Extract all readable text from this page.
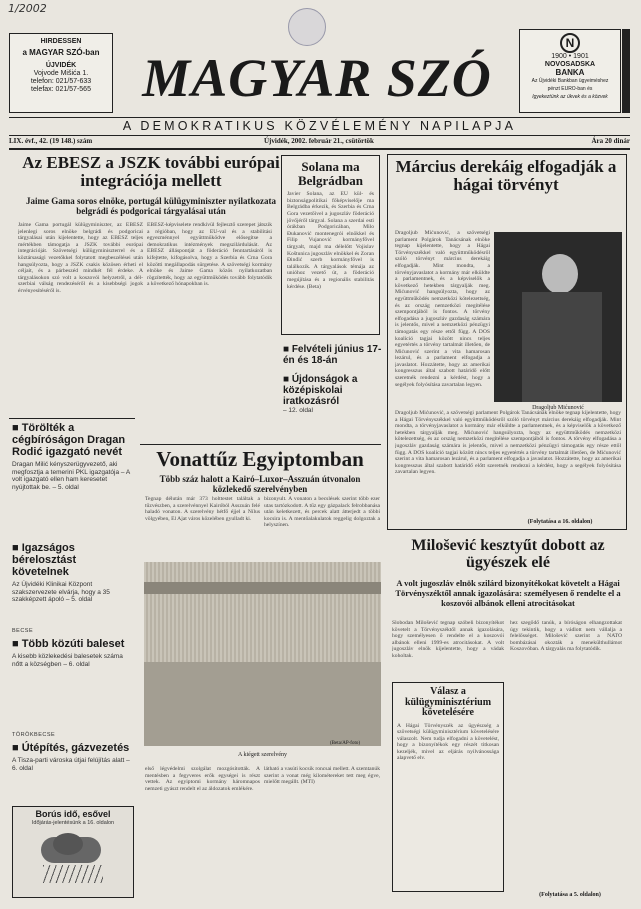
1/2002
HIRDESSEN
a MAGYAR SZÓ-ban
ÚJVIDÉK
Vojvode Mišića 1.
telefon: 021/57-633
telefax: 021/57-565 MAGYAR SZÓ
N
1900 • 1901
NOVOSADSKA
BANKA
Az Újvidéki Bankban ügyeiméshez
pénzt EURO-ban és
Igyekeztünk az ükvek és a közvek
A DEMOKRATIKUS KÖZVÉLEMÉNY NAPILAPJA
LIX. évf., 42. (19 148.) szám	Újvidék, 2002. február 21., csütörtök	Ára 20 dinár
Az EBESZ a JSZK további európai integrációja mellett
Jaime Gama soros elnöke, portugál külügyminiszter nyilatkozata belgrádi és podgoricai tárgyalásai után
Jaime Gama portugál külügyminiszter, az EBESZ jelenlegi soros elnöke belgrádi és podgoricai tárgyalásai után kijelentette, hogy az EBESZ teljes mértékben támogatja a JSZK további európai integrációját. Szövetségi külügyminiszterrel és a köztársasági vezetőkkel folytatott megbeszélései után hangsúlyozta, hogy a JSZK csakis közösen érheti el céljait, és a párbeszéd mindkét fél érdeke. A tárgyalásokon szó volt a koszovói helyzetről, a dél-szerbiai válság rendezéséről és a kisebbségi jogok érvényesítéséről is.
EBESZ-képviselete rendkívül fejlesztő szerepet játszik a régióban, hogy az EU-val és a stabilitási egyezménnyel együttműködve elősegítse a demokratikus intézmények megszilárdulását. Az EBESZ álláspontját a föderáció fenntartásáról is kifejtette, kifogásolva, hogy a Szerbia és Crna Gora közötti megállapodás sürgetése. A szövetségi kormány elnöke és Jaime Gama közös nyilatkozatban rögzítették, hogy az együttműködés tovább folytatódik a következő hónapokban is.
Solana ma Belgrádban
Javier Solana, az EU kül- és biztonságpolitikai főképviselője ma Belgrádba érkezik, és Szerbia és Crna Gora vezetőivel a jugoszláv föderáció jövőjéről tárgyal. Solana a szerdai esti órákban Podgoricában, Milo Đukanović montenegrói elnökkel és Filip Vujanović kormányfővel tárgyalt, majd ma délelőtt Vojislav Koštunica jugoszláv elnökkel és Zoran Đinđić szerb kormányfővel is találkozik. A tárgyalások témája az unióhoz vezető út, a föderáció megújítása és a regionális stabilitás kérdése. (Beta)
■ Felvételi június 17-én és 18-án
■ Újdonságok a középiskolai iratkozásról
– 12. oldal
Március derekáig elfogadják a hágai törvényt
Dragoljub Mićunović, a szövetségi parlament Polgárok Tanácsának elnöke tegnap kijelentette, hogy a Hágai Törvényszékkel való együttműködésről szóló törvényt március derekáig elfogadják. Mint mondta, a törvényjavaslatot a kormány már elküldte a parlamentnek, és a képviselők a következő hetekben tárgyalják meg. Mićunović hangsúlyozta, hogy az együttműködés nemzetközi kötelezettség, és az ország nemzetközi megítélése szempontjából is fontos. A törvény elfogadása a jugoszláv gazdaság számára is jelentős, mivel a nemzetközi pénzügyi támogatás egy része ettől függ. A DOS koalíció tagjai között nincs teljes egyetértés a törvény tartalmát illetően, de Mićunović szerint a vita hamarosan lezárul, és a parlament elfogadja a javaslatot. Hozzátette, hogy az amerikai kongresszus által szabott határidő előtt szeretnék rendezni a kérdést, hogy a segélyek folyósítása zavartalan legyen.
Dragoljub Mićunović
Dragoljub Mićunović, a szövetségi parlament Polgárok Tanácsának elnöke tegnap kijelentette, hogy a Hágai Törvényszékkel való együttműködésről szóló törvényt március derekáig elfogadják. Mint mondta, a törvényjavaslatot a kormány már elküldte a parlamentnek, és a képviselők a következő hetekben tárgyalják meg. Mićunović hangsúlyozta, hogy az együttműködés nemzetközi kötelezettség, és az ország nemzetközi megítélése szempontjából is fontos. A törvény elfogadása a jugoszláv gazdaság számára is jelentős, mivel a nemzetközi pénzügyi támogatás egy része ettől függ. A DOS koalíció tagjai között nincs teljes egyetértés a törvény tartalmát illetően, de Mićunović szerint a vita hamarosan lezárul, és a parlament elfogadja a javaslatot. Hozzátette, hogy az amerikai kongresszus által szabott határidő előtt szeretnék rendezni a kérdést, hogy a segélyek folyósítása zavartalan legyen.
(Folytatása a 16. oldalon)
■ Törölték a cégbíróságon Dragan Rodić igazgató nevét
Dragan Milić kényszerügyvezető, aki megfosztja a temerini PKL igazgatója – A volt igazgató ellen ham keresetet nyújtottak be. – 5. oldal
■ Igazságos bérelosztást követelnek
Az Újvidéki Klinikai Központ szakszervezete elvárja, hogy a 35 szakképzett ápoló – 5. oldal
BECSE
■ Több közúti baleset
A kisebb közlekedési balesetek száma nőtt a községben – 6. oldal
TÖRÖKBECSE
■ Útépítés, gázvezetés
A Tisza-parti városka útjai felújítás alatt – 6. oldal
Borús idő, esővel
Időjárás-jelentésünk a 16. oldalon
Vonattűz Egyiptomban
Több száz halott a Kairó–Luxor–Asszuán útvonalon közlekedő szerelvényben
Tegnap délután már 373 holttestet találtak a tűzvészben, a szerelvénnyel Kairóból Asszuán felé haladó vonaton. A szerelvény hétfő éjjel a Nílus völgyében, El Ajat város közelében gyulladt ki.
bizonyult. A vonaton a becslések szerint több ezer utas tartózkodott. A tűz egy gázpalack felrobbanása után keletkezett, és percek alatt átterjedt a többi kocsira is. A mentőalakulatok reggelig dolgoztak a helyszínen.
(Beta/AP-foto)
A kiégett szerelvény
első légvédelmi szolgálat mozgósították. A mentésben a fegyveres erők egységei is részt vettek. Az egyiptomi kormány háromnapos nemzeti gyászt rendelt el az áldozatok emlékére.
látható a vasúti kocsik roncsai mellett. A szemtanúk szerint a vonat még kilométereket tett meg égve, mielőtt megállt. (MTI)
Milošević kesztyűt dobott az ügyészek elé
A volt jugoszláv elnök szilárd bizonyítékokat követelt a Hágai Törvényszéktől annak igazolására: személyesen ő rendelte el a koszovói albánok elleni atrocitásokat
Slobodan Milošević tegnap szóbeli bizonyítékot követelt a Törvényszéktől annak igazolására, hogy személyesen ő rendelte el a koszovói albánok elleni 1999-es atrocitásokat. A volt jugoszláv elnök kijelentette, hogy a vádak koholtak.
hez szegődő tanúk, a bíróságon elhangzottakat úgy tekintik, hogy a vádlott nem vállalja a felelősséget. Milošević szerint a NATO bombázásai okozták a menekülthullámot Koszovóban. A tárgyalás ma folytatódik.
Válasz a külügyminisztérium követelésére
A Hágai Törvényszék az ügyészség a szövetségi külügyminisztérium követelésére válaszolt. Nem tudja elfogadni a követelést, hogy a bizonyítékok egy részét titkosan kezeljék, mivel az eljárás nyilvánossága alapvető elv.
(Folytatása a 5. oldalon)
